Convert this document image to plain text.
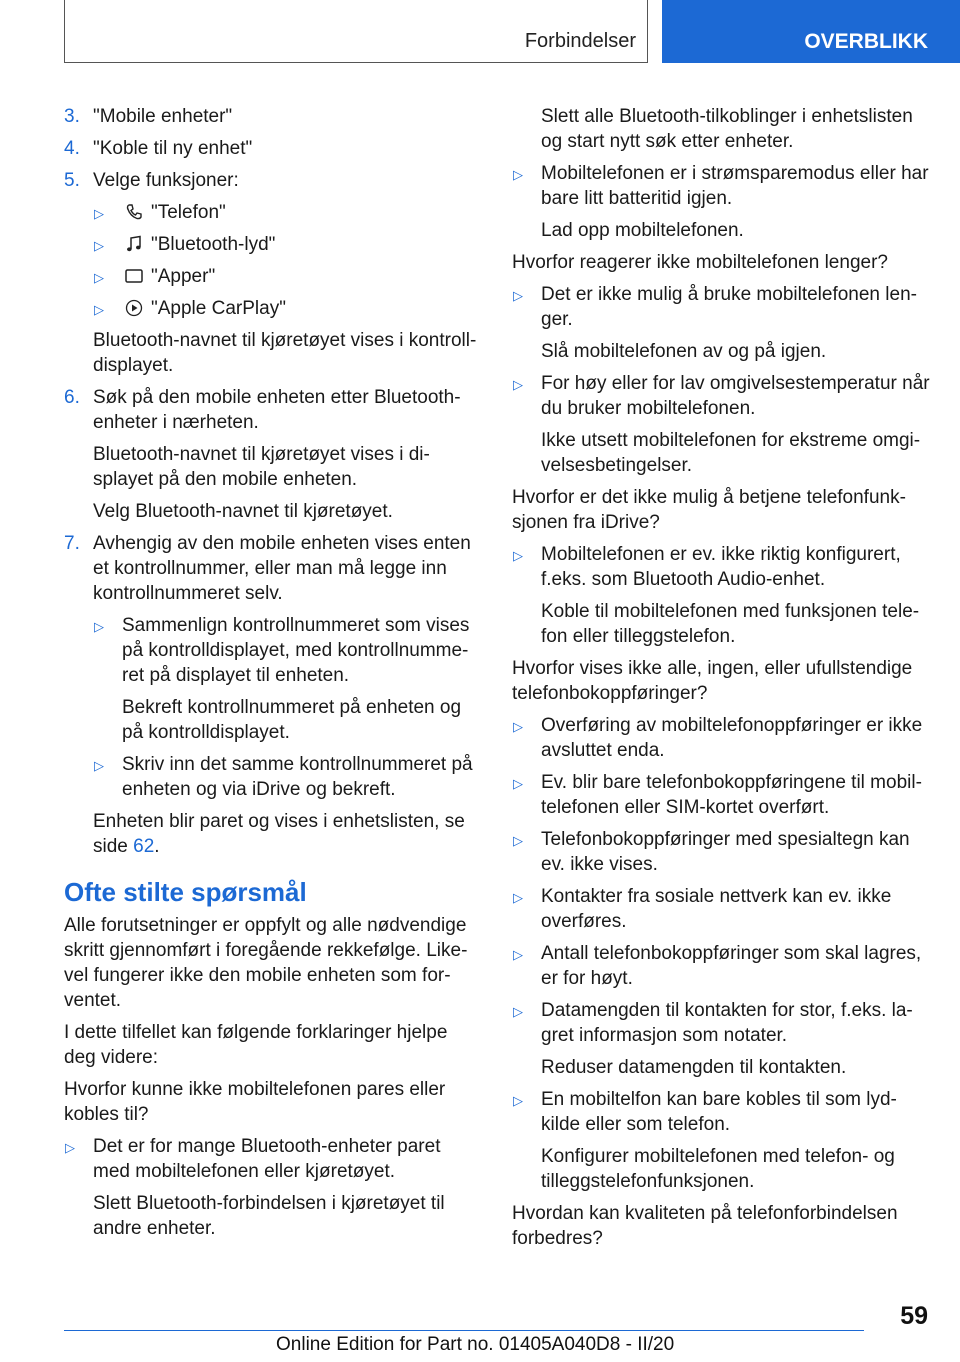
Forbindelser	OVERBLIKK
3. "Mobile enheter"
4. "Koble til ny enhet"
5. Velge funksjoner:
▷ "Telefon"
▷ "Bluetooth-lyd"
▷ "Apper"
▷ "Apple CarPlay"
Bluetooth-navnet til kjøretøyet vises i kontroll-displayet.
6. Søk på den mobile enheten etter Bluetooth-enheter i nærheten.
Bluetooth-navnet til kjøretøyet vises i di-splayet på den mobile enheten.
Velg Bluetooth-navnet til kjøretøyet.
7. Avhengig av den mobile enheten vises enten et kontrollnummer, eller man må legge inn kontrollnummeret selv.
▷ Sammenlign kontrollnummeret som vises på kontrolldisplayet, med kontrollnumme-ret på displayet til enheten.
Bekreft kontrollnummeret på enheten og på kontrolldisplayet.
▷ Skriv inn det samme kontrollnummeret på enheten og via iDrive og bekreft.
Enheten blir paret og vises i enhetslisten, se side 62.
Ofte stilte spørsmål
Alle forutsetninger er oppfylt og alle nødvendige skritt gjennomført i foregående rekkefølge. Like-vel fungerer ikke den mobile enheten som for-ventet.
I dette tilfellet kan følgende forklaringer hjelpe deg videre:
Hvorfor kunne ikke mobiltelefonen pares eller kobles til?
▷ Det er for mange Bluetooth-enheter paret med mobiltelefonen eller kjøretøyet.
Slett Bluetooth-forbindelsen i kjøretøyet til andre enheter.
Slett alle Bluetooth-tilkoblinger i enhetslisten og start nytt søk etter enheter.
▷ Mobiltelefonen er i strømsparemodus eller har bare litt batteritid igjen.
Lad opp mobiltelefonen.
Hvorfor reagerer ikke mobiltelefonen lenger?
▷ Det er ikke mulig å bruke mobiltelefonen len-ger.
Slå mobiltelefonen av og på igjen.
▷ For høy eller for lav omgivelsestemperatur når du bruker mobiltelefonen.
Ikke utsett mobiltelefonen for ekstreme omgi-velsesbetingelser.
Hvorfor er det ikke mulig å betjene telefonfunk-sjonen fra iDrive?
▷ Mobiltelefonen er ev. ikke riktig konfigurert, f.eks. som Bluetooth Audio-enhet.
Koble til mobiltelefonen med funksjonen tele-fon eller tilleggstelefon.
Hvorfor vises ikke alle, ingen, eller ufullstendige telefonbokoppføringer?
▷ Overføring av mobiltelefonoppføringer er ikke avsluttet enda.
▷ Ev. blir bare telefonbokoppføringene til mobil-telefonen eller SIM-kortet overført.
▷ Telefonbokoppføringer med spesialtegn kan ev. ikke vises.
▷ Kontakter fra sosiale nettverk kan ev. ikke overføres.
▷ Antall telefonbokoppføringer som skal lagres, er for høyt.
▷ Datamengden til kontakten for stor, f.eks. la-gret informasjon som notater.
Reduser datamengden til kontakten.
▷ En mobiltelfon kan bare kobles til som lyd-kilde eller som telefon.
Konfigurer mobiltelefonen med telefon- og tilleggstelefonfunksjonen.
Hvordan kan kvaliteten på telefonforbindelsen forbedres?
59
Online Edition for Part no. 01405A040D8 - II/20
